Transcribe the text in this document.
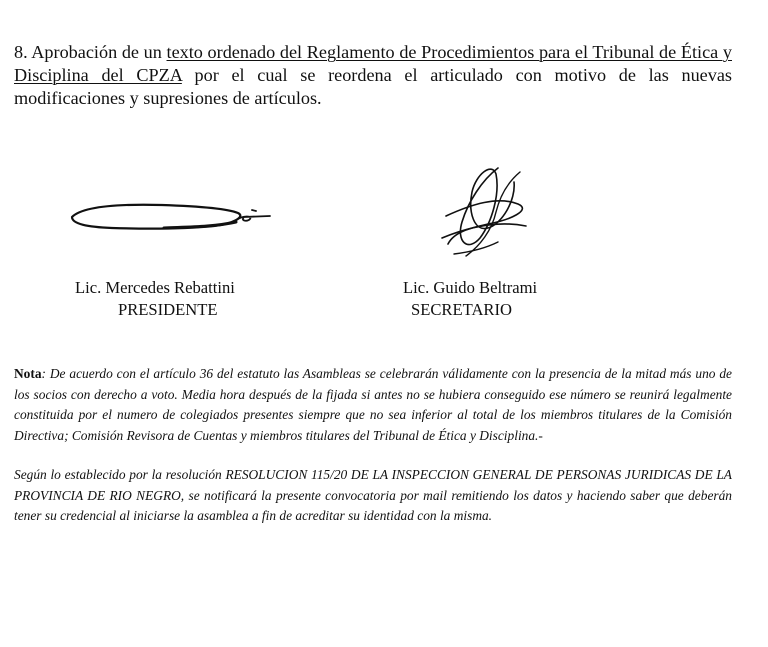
8. Aprobación de un texto ordenado del Reglamento de Procedimientos para el Tribunal de Ética y Disciplina del CPZA por el cual se reordena el articulado con motivo de las nuevas modificaciones y supresiones de artículos.

Lic. Mercedes Rebattini
PRESIDENTE
Lic. Guido Beltrami
SECRETARIO

Nota: De acuerdo con el artículo 36 del estatuto las Asambleas se celebrarán válidamente con la presencia de la mitad más uno de los socios con derecho a voto. Media hora después de la fijada si antes no se hubiera conseguido ese número se reunirá legalmente constituida por el numero de colegiados presentes siempre que no sea inferior al total de los miembros titulares de la Comisión Directiva; Comisión Revisora de Cuentas y miembros titulares del Tribunal de Ética y Disciplina.-

Según lo establecido por la resolución RESOLUCION 115/20 DE LA INSPECCION GENERAL DE PERSONAS JURIDICAS DE LA PROVINCIA DE RIO NEGRO, se notificará la presente convocatoria por mail remitiendo los datos y haciendo saber que deberán tener su credencial al iniciarse la asamblea a fin de acreditar su identidad con la misma.
